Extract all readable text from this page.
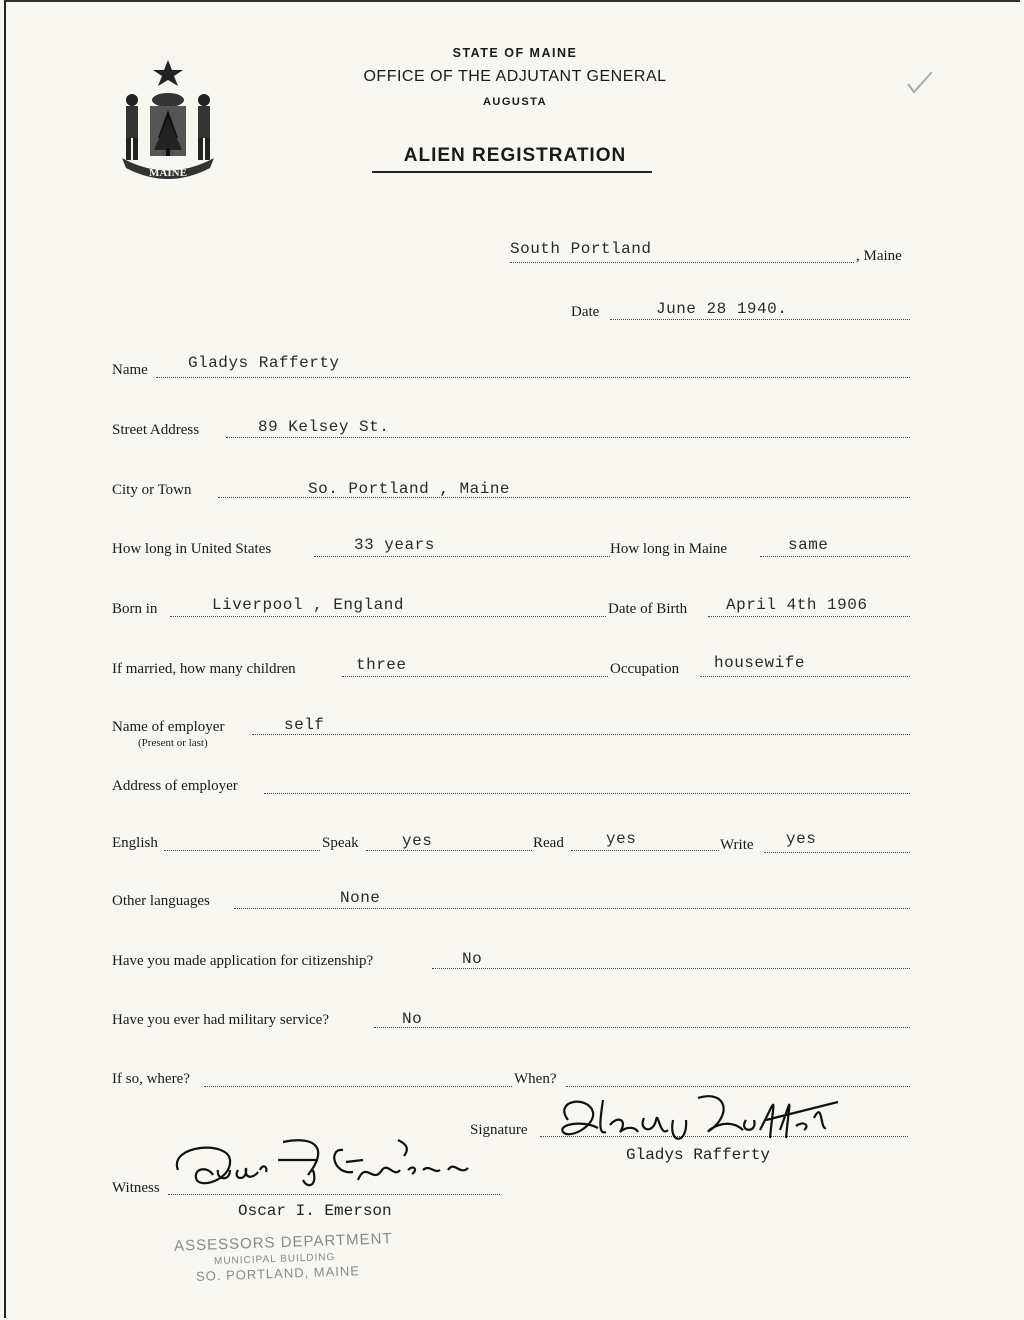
MAINE
STATE OF MAINE
OFFICE OF THE ADJUTANT GENERAL
AUGUSTA
ALIEN REGISTRATION
South Portland	, Maine
Date	June 28 1940.
Name	Gladys Rafferty
Street Address	89 Kelsey St.
City or Town	So. Portland , Maine
How long in United States	33 years	How long in Maine	same
Born in	Liverpool , England	Date of Birth April 4th 1906
If married, how many children	three	Occupation housewife
Name of employer
(Present or last)
self
Address of employer
English	Speak	yes	Read	yes	Write yes
Other languages	None
Have you made application for citizenship?	No
Have you ever had military service?	No
If so, where?	When?
Signature
Gladys Rafferty
Witness
Oscar I. Emerson
ASSESSORS DEPARTMENT
MUNICIPAL BUILDING
SO. PORTLAND, MAINE
